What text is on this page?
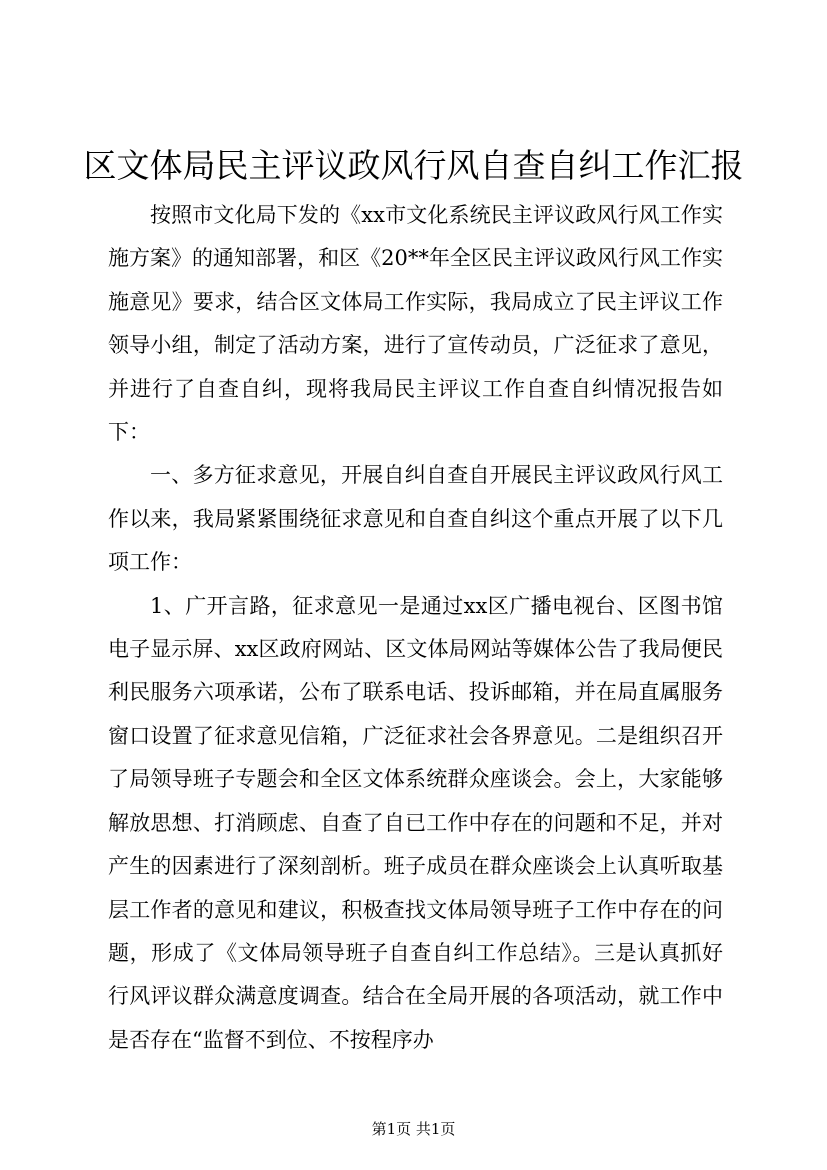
区文体局民主评议政风行风自查自纠工作汇报

按照市文化局下发的《xx市文化系统民主评议政风行风工作实施方案》的通知部署，和区《20**年全区民主评议政风行风工作实施意见》要求，结合区文体局工作实际，我局成立了民主评议工作领导小组，制定了活动方案，进行了宣传动员，广泛征求了意见，并进行了自查自纠，现将我局民主评议工作自查自纠情况报告如下：

一、多方征求意见，开展自纠自查自开展民主评议政风行风工作以来，我局紧紧围绕征求意见和自查自纠这个重点开展了以下几项工作：

1、广开言路，征求意见一是通过xx区广播电视台、区图书馆电子显示屏、xx区政府网站、区文体局网站等媒体公告了我局便民利民服务六项承诺，公布了联系电话、投诉邮箱，并在局直属服务窗口设置了征求意见信箱，广泛征求社会各界意见。二是组织召开了局领导班子专题会和全区文体系统群众座谈会。会上，大家能够解放思想、打消顾虑、自查了自已工作中存在的问题和不足，并对产生的因素进行了深刻剖析。班子成员在群众座谈会上认真听取基层工作者的意见和建议，积极查找文体局领导班子工作中存在的问题，形成了《文体局领导班子自查自纠工作总结》。三是认真抓好行风评议群众满意度调查。结合在全局开展的各项活动，就工作中是否存在“监督不到位、不按程序办

第1页 共1页
